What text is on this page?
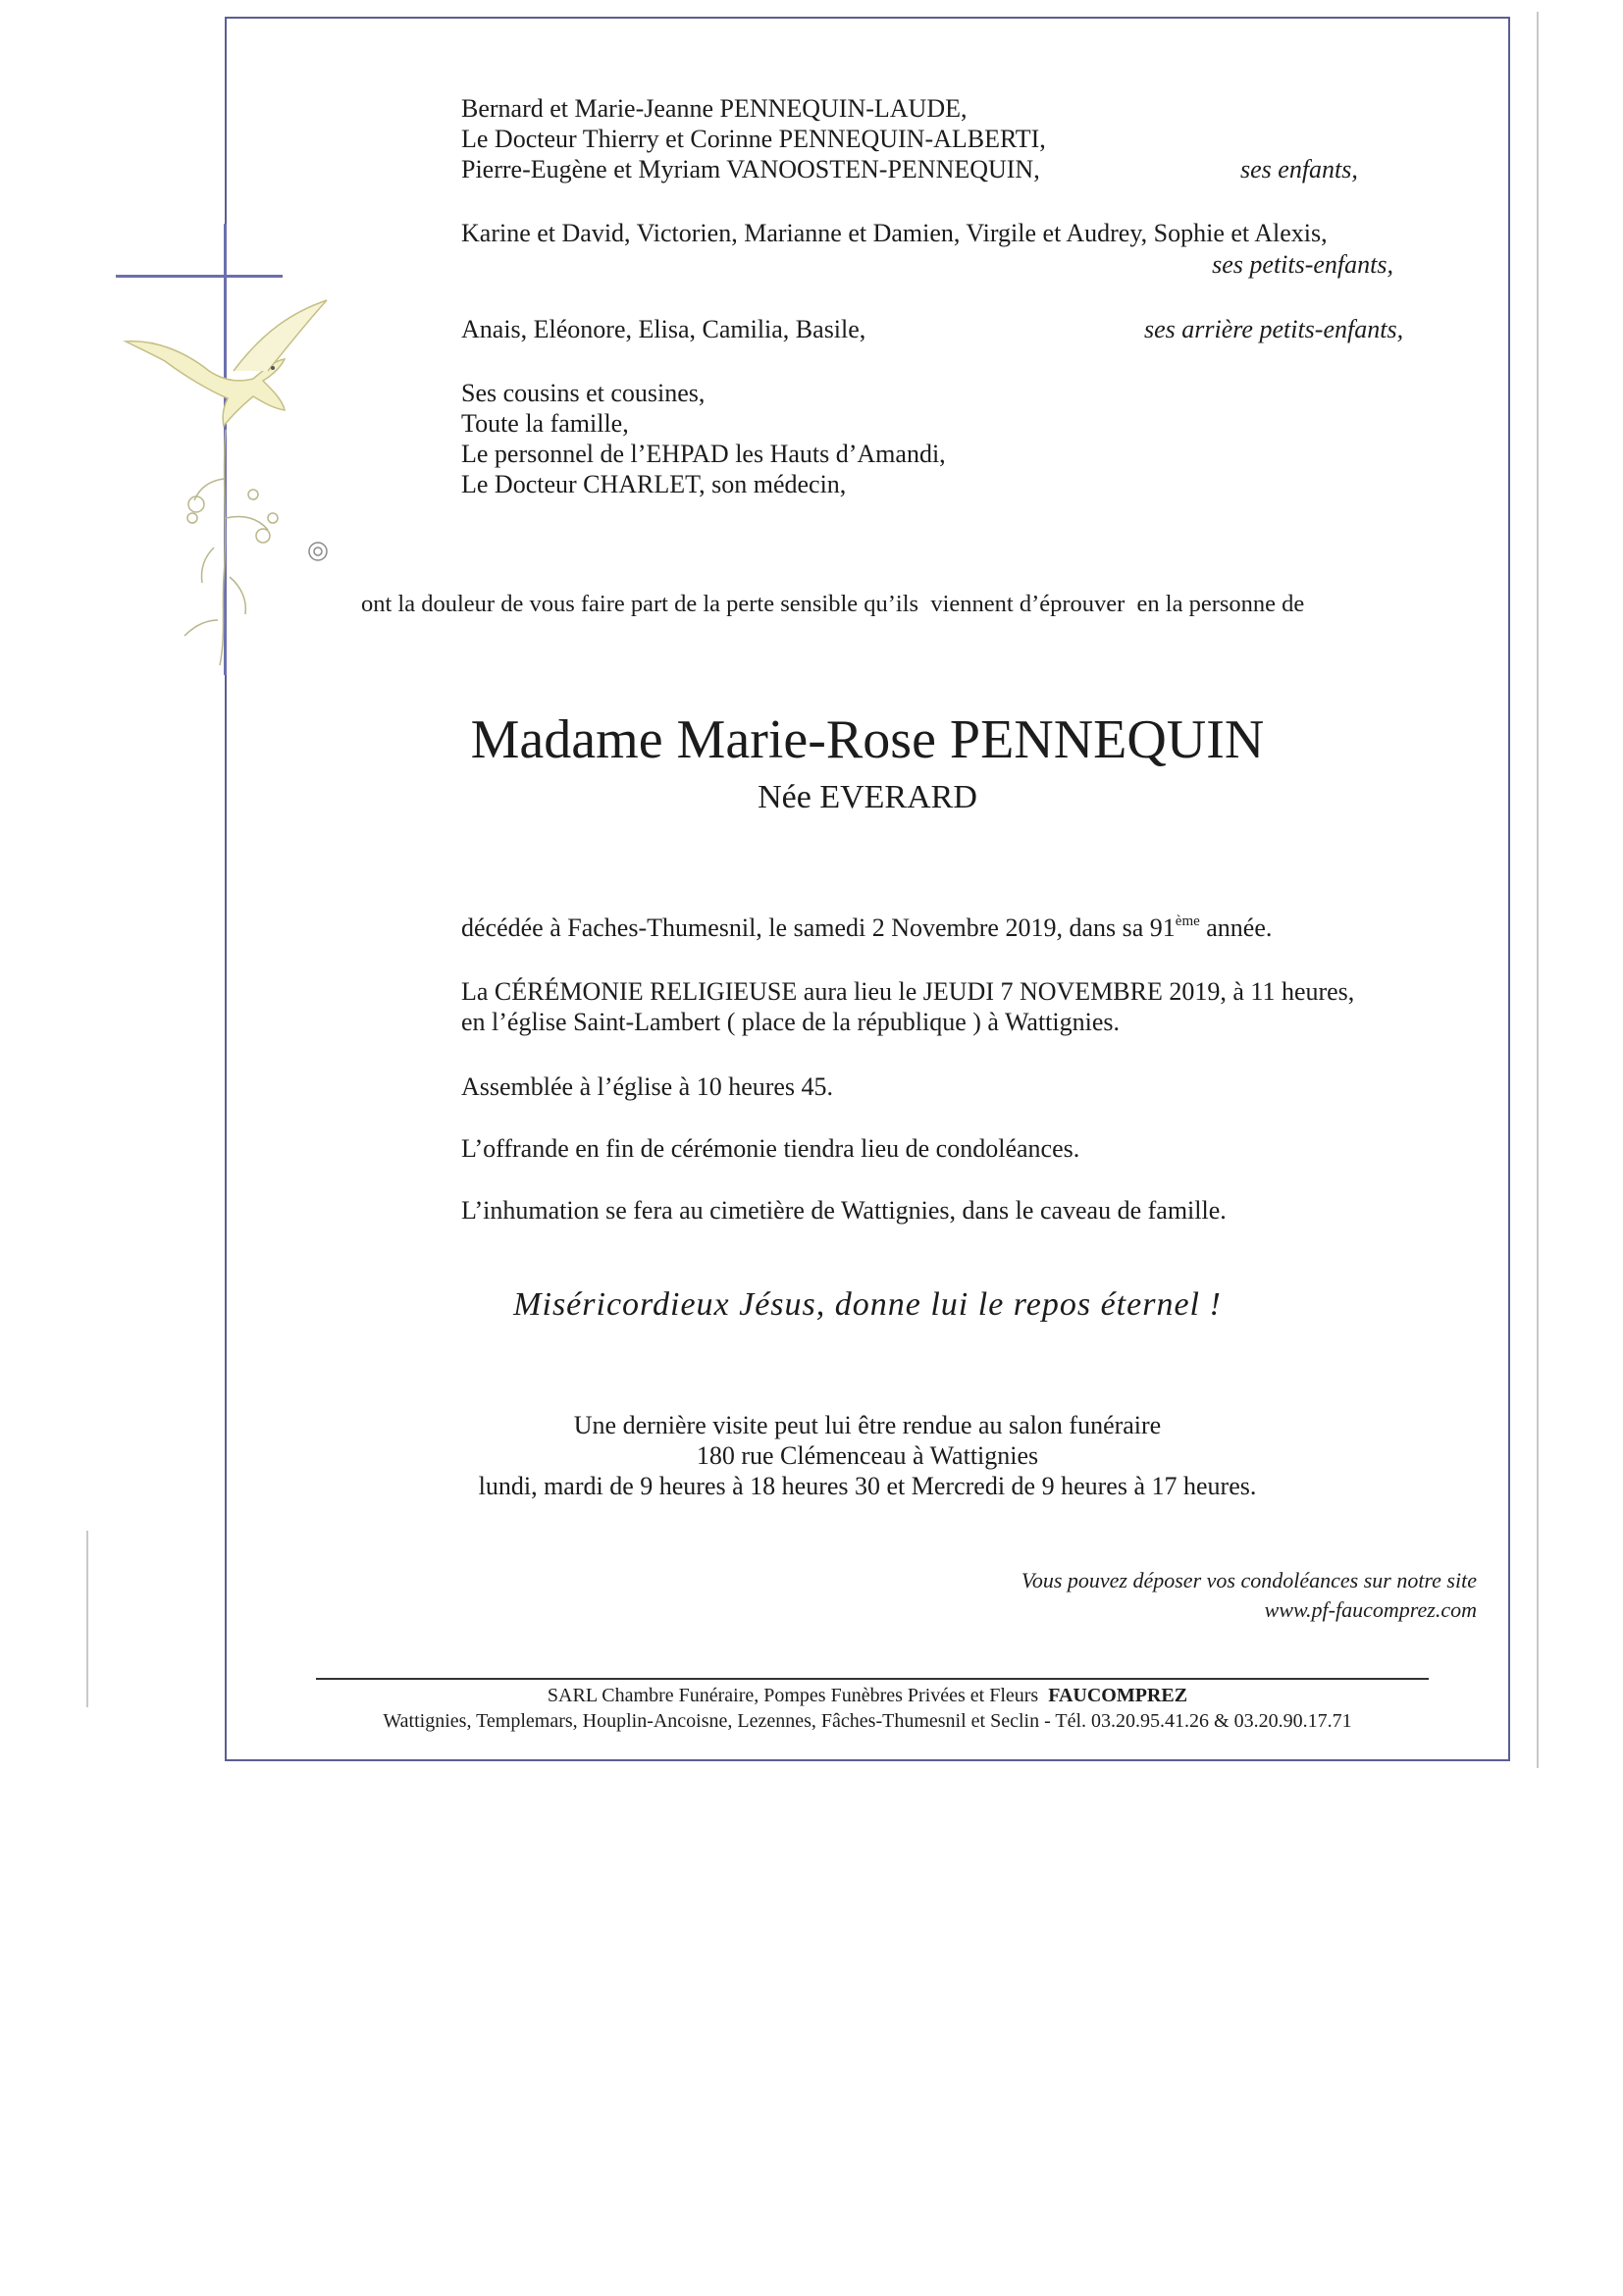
Bernard et Marie-Jeanne PENNEQUIN-LAUDE,
Le Docteur Thierry et Corinne PENNEQUIN-ALBERTI,
Pierre-Eugène et Myriam VANOOSTEN-PENNEQUIN,	ses enfants,

Karine et David, Victorien, Marianne et Damien, Virgile et Audrey, Sophie et Alexis,

ses petits-enfants,

Anais, Eléonore, Elisa, Camilia, Basile,	ses arrière petits-enfants,

Ses cousins et cousines,
Toute la famille,
Le personnel de l’EHPAD les Hauts d’Amandi,
Le Docteur CHARLET, son médecin,

ont la douleur de vous faire part de la perte sensible qu’ils  viennent d’éprouver  en la personne de

Madame Marie-Rose PENNEQUIN

Née EVERARD

décédée à Faches-Thumesnil, le samedi 2 Novembre 2019, dans sa 91ème année.

La CÉRÉMONIE RELIGIEUSE aura lieu le JEUDI 7 NOVEMBRE 2019, à 11 heures,
en l’église Saint-Lambert ( place de la république ) à Wattignies.

Assemblée à l’église à 10 heures 45.

L’offrande en fin de cérémonie tiendra lieu de condoléances.

L’inhumation se fera au cimetière de Wattignies, dans le caveau de famille.

Miséricordieux Jésus, donne lui le repos éternel !

Une dernière visite peut lui être rendue au salon funéraire
180 rue Clémenceau à Wattignies
lundi, mardi de 9 heures à 18 heures 30 et Mercredi de 9 heures à 17 heures.
Vous pouvez déposer vos condoléances sur notre site
www.pf-faucomprez.com

SARL Chambre Funéraire, Pompes Funèbres Privées et Fleurs FAUCOMPREZ

Wattignies, Templemars, Houplin-Ancoisne, Lezennes, Fâches-Thumesnil et Seclin - Tél. 03.20.95.41.26 & 03.20.90.17.71
